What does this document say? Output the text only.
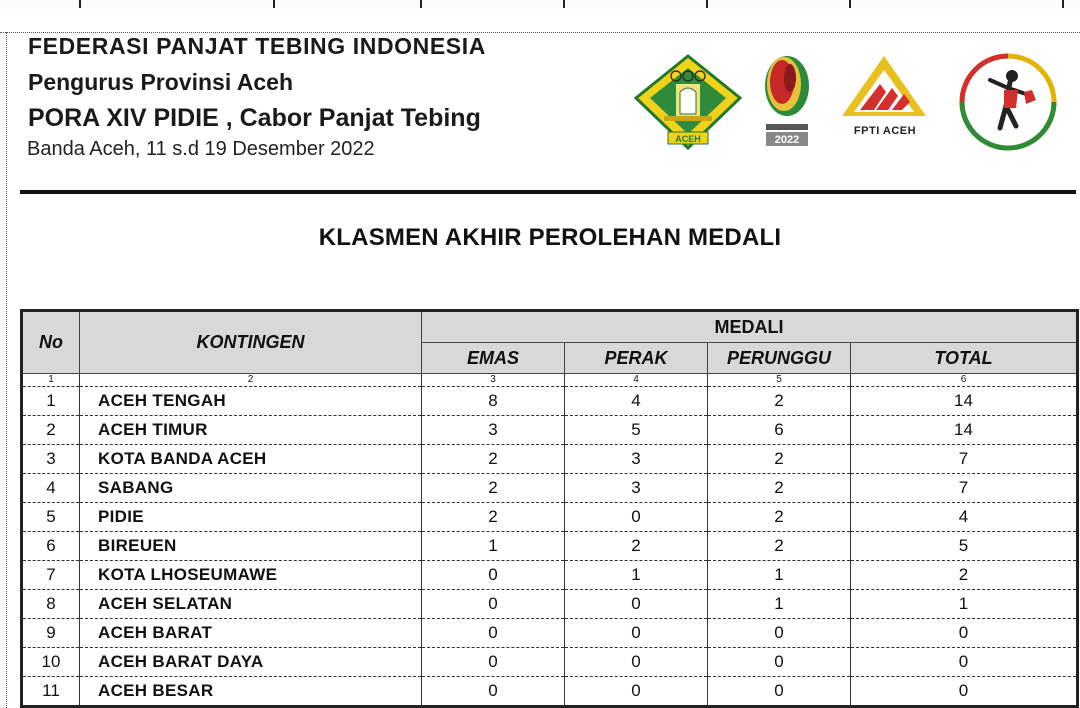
FEDERASI PANJAT TEBING INDONESIA
Pengurus Provinsi Aceh
PORA XIV PIDIE , Cabor Panjat Tebing
Banda Aceh, 11 s.d 19 Desember 2022	ACEH	2022
FPTI ACEH
KLASMEN AKHIR PEROLEHAN MEDALI
No	KONTINGEN	MEDALI			
		EMAS	PERAK	PERUNGGU	TOTAL
1	2	3	4	5	6
1	ACEH TENGAH	8	4	2	14
2	ACEH TIMUR	3	5	6	14
3	KOTA BANDA ACEH	2	3	2	7
4	SABANG	2	3	2	7
5	PIDIE	2	0	2	4
6	BIREUEN	1	2	2	5
7	KOTA LHOSEUMAWE	0	1	1	2
8	ACEH SELATAN	0	0	1	1
9	ACEH BARAT	0	0	0	0
10	ACEH BARAT DAYA	0	0	0	0
11	ACEH BESAR	0	0	0	0
